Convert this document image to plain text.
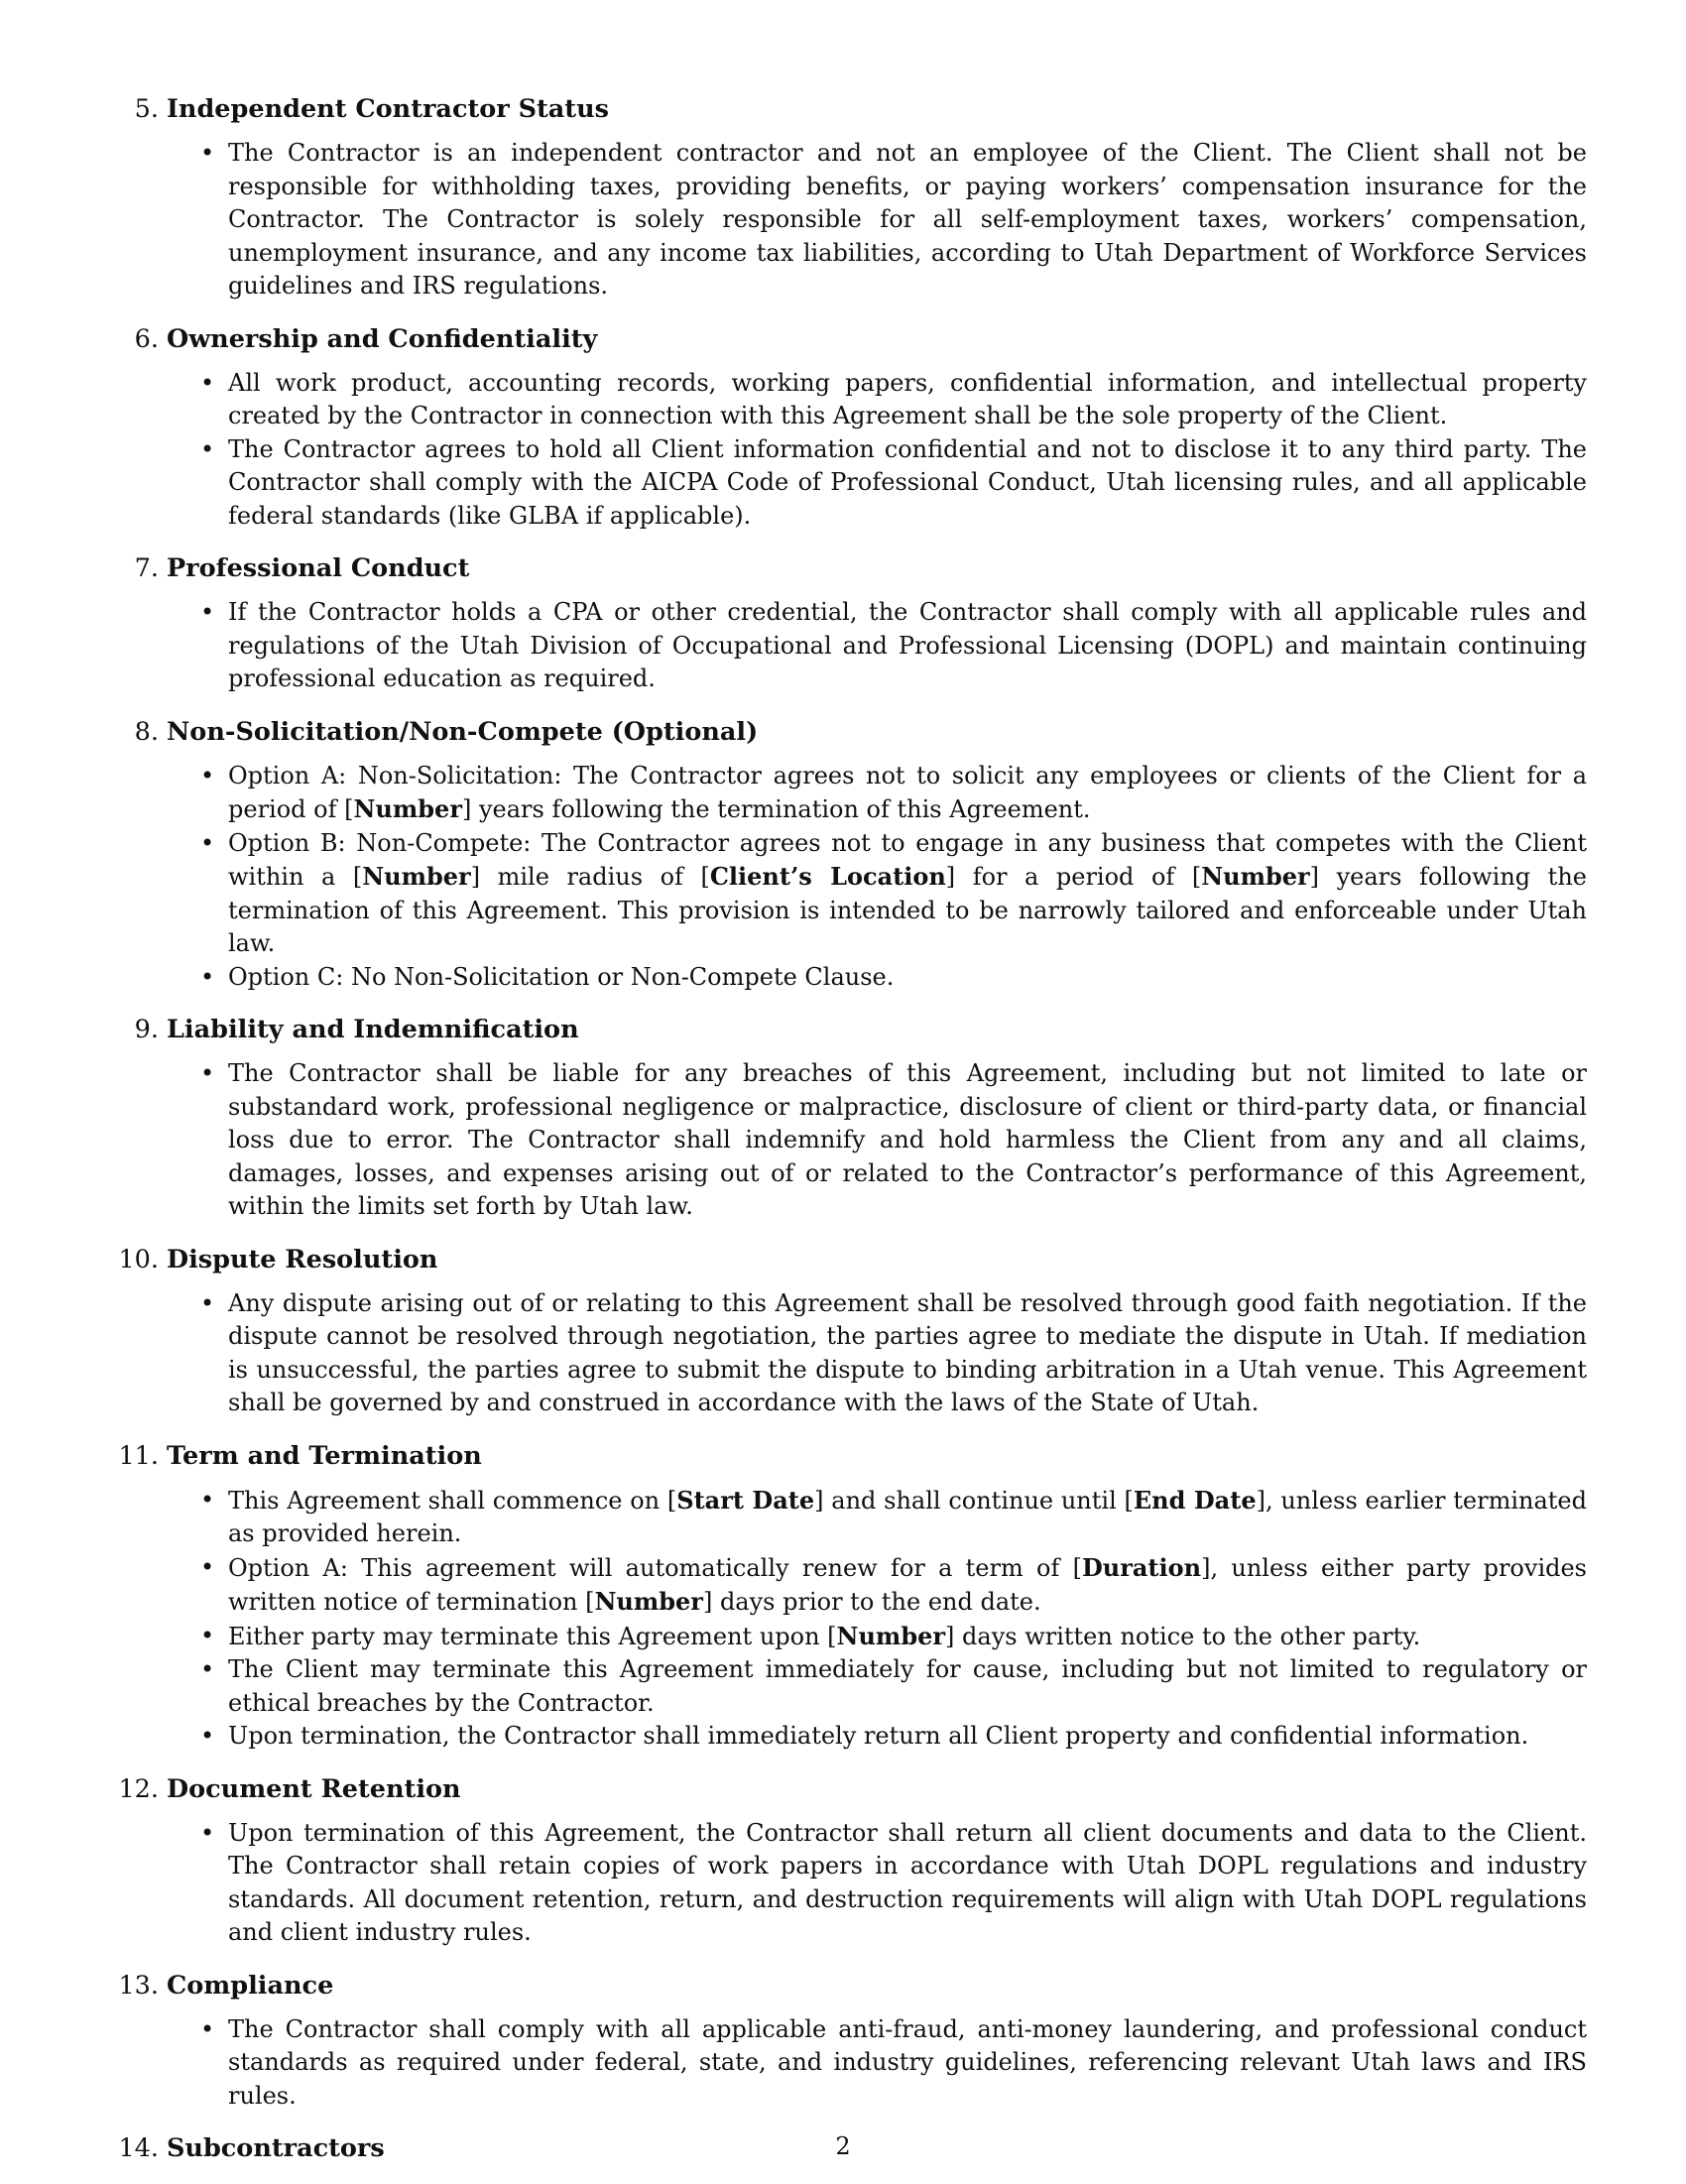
5. Independent Contractor Status
• The Contractor is an independent contractor and not an employee of the Client. The Client shall not be responsible for withholding taxes, providing benefits, or paying workers’ compensation insurance for the Contractor. The Contractor is solely responsible for all self-employment taxes, workers’ compensation, unemployment insurance, and any income tax liabilities, according to Utah Department of Workforce Services guidelines and IRS regulations.
6. Ownership and Confidentiality
• All work product, accounting records, working papers, confidential information, and intellectual property created by the Contractor in connection with this Agreement shall be the sole property of the Client.
• The Contractor agrees to hold all Client information confidential and not to disclose it to any third party. The Contractor shall comply with the AICPA Code of Professional Conduct, Utah licensing rules, and all applicable federal standards (like GLBA if applicable).
7. Professional Conduct
• If the Contractor holds a CPA or other credential, the Contractor shall comply with all applicable rules and regulations of the Utah Division of Occupational and Professional Licensing (DOPL) and maintain continuing professional education as required.
8. Non-Solicitation/Non-Compete (Optional)
• Option A: Non-Solicitation: The Contractor agrees not to solicit any employees or clients of the Client for a period of [Number] years following the termination of this Agreement.
• Option B: Non-Compete: The Contractor agrees not to engage in any business that competes with the Client within a [Number] mile radius of [Client’s Location] for a period of [Number] years following the termination of this Agreement. This provision is intended to be narrowly tailored and enforceable under Utah law.
• Option C: No Non-Solicitation or Non-Compete Clause.
9. Liability and Indemnification
• The Contractor shall be liable for any breaches of this Agreement, including but not limited to late or substandard work, professional negligence or malpractice, disclosure of client or third-party data, or financial loss due to error. The Contractor shall indemnify and hold harmless the Client from any and all claims, damages, losses, and expenses arising out of or related to the Contractor’s performance of this Agreement, within the limits set forth by Utah law.
10. Dispute Resolution
• Any dispute arising out of or relating to this Agreement shall be resolved through good faith negotiation. If the dispute cannot be resolved through negotiation, the parties agree to mediate the dispute in Utah. If mediation is unsuccessful, the parties agree to submit the dispute to binding arbitration in a Utah venue. This Agreement shall be governed by and construed in accordance with the laws of the State of Utah.
11. Term and Termination
• This Agreement shall commence on [Start Date] and shall continue until [End Date], unless earlier terminated as provided herein.
• Option A: This agreement will automatically renew for a term of [Duration], unless either party provides written notice of termination [Number] days prior to the end date.
• Either party may terminate this Agreement upon [Number] days written notice to the other party.
• The Client may terminate this Agreement immediately for cause, including but not limited to regulatory or ethical breaches by the Contractor.
• Upon termination, the Contractor shall immediately return all Client property and confidential information.
12. Document Retention
• Upon termination of this Agreement, the Contractor shall return all client documents and data to the Client. The Contractor shall retain copies of work papers in accordance with Utah DOPL regulations and industry standards. All document retention, return, and destruction requirements will align with Utah DOPL regulations and client industry rules.
13. Compliance
• The Contractor shall comply with all applicable anti-fraud, anti-money laundering, and professional conduct standards as required under federal, state, and industry guidelines, referencing relevant Utah laws and IRS rules.
14. Subcontractors	2
